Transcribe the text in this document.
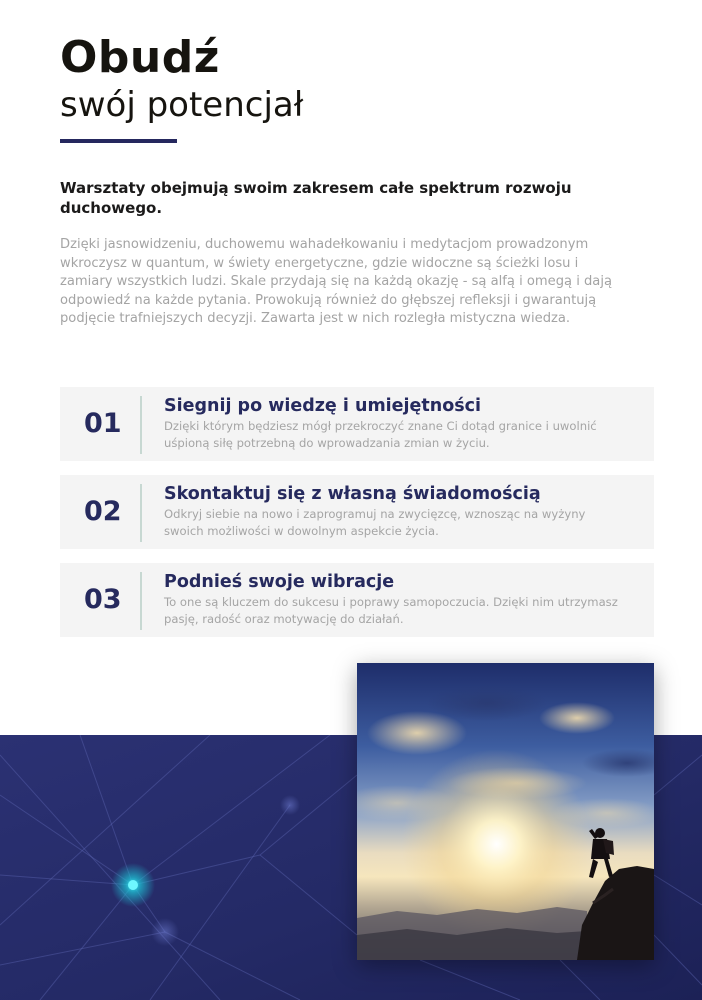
Obudź
swój potencjał

Warsztaty obejmują swoim zakresem całe spektrum rozwoju duchowego.

Dzięki jasnowidzeniu, duchowemu wahadełkowaniu i medytacjom prowadzonym wkroczysz w quantum, w świety energetyczne, gdzie widoczne są ścieżki losu i zamiary wszystkich ludzi. Skale przydają się na każdą okazję - są alfą i omegą i dają odpowiedź na każde pytania. Prowokują również do głębszej refleksji i gwarantują podjęcie trafniejszych decyzji. Zawarta jest w nich rozległa mistyczna wiedza.

01
Siegnij po wiedzę i umiejętności

Dzięki którym będziesz mógł przekroczyć znane Ci dotąd granice i uwolnić uśpioną siłę potrzebną do wprowadzania zmian w życiu.

02
Skontaktuj się z własną świadomością

Odkryj siebie na nowo i zaprogramuj na zwycięzcę, wznosząc na wyżyny swoich możliwości w dowolnym aspekcie życia.

03
Podnieś swoje wibracje

To one są kluczem do sukcesu i poprawy samopoczucia. Dzięki nim utrzymasz pasję, radość oraz motywację do działań.
